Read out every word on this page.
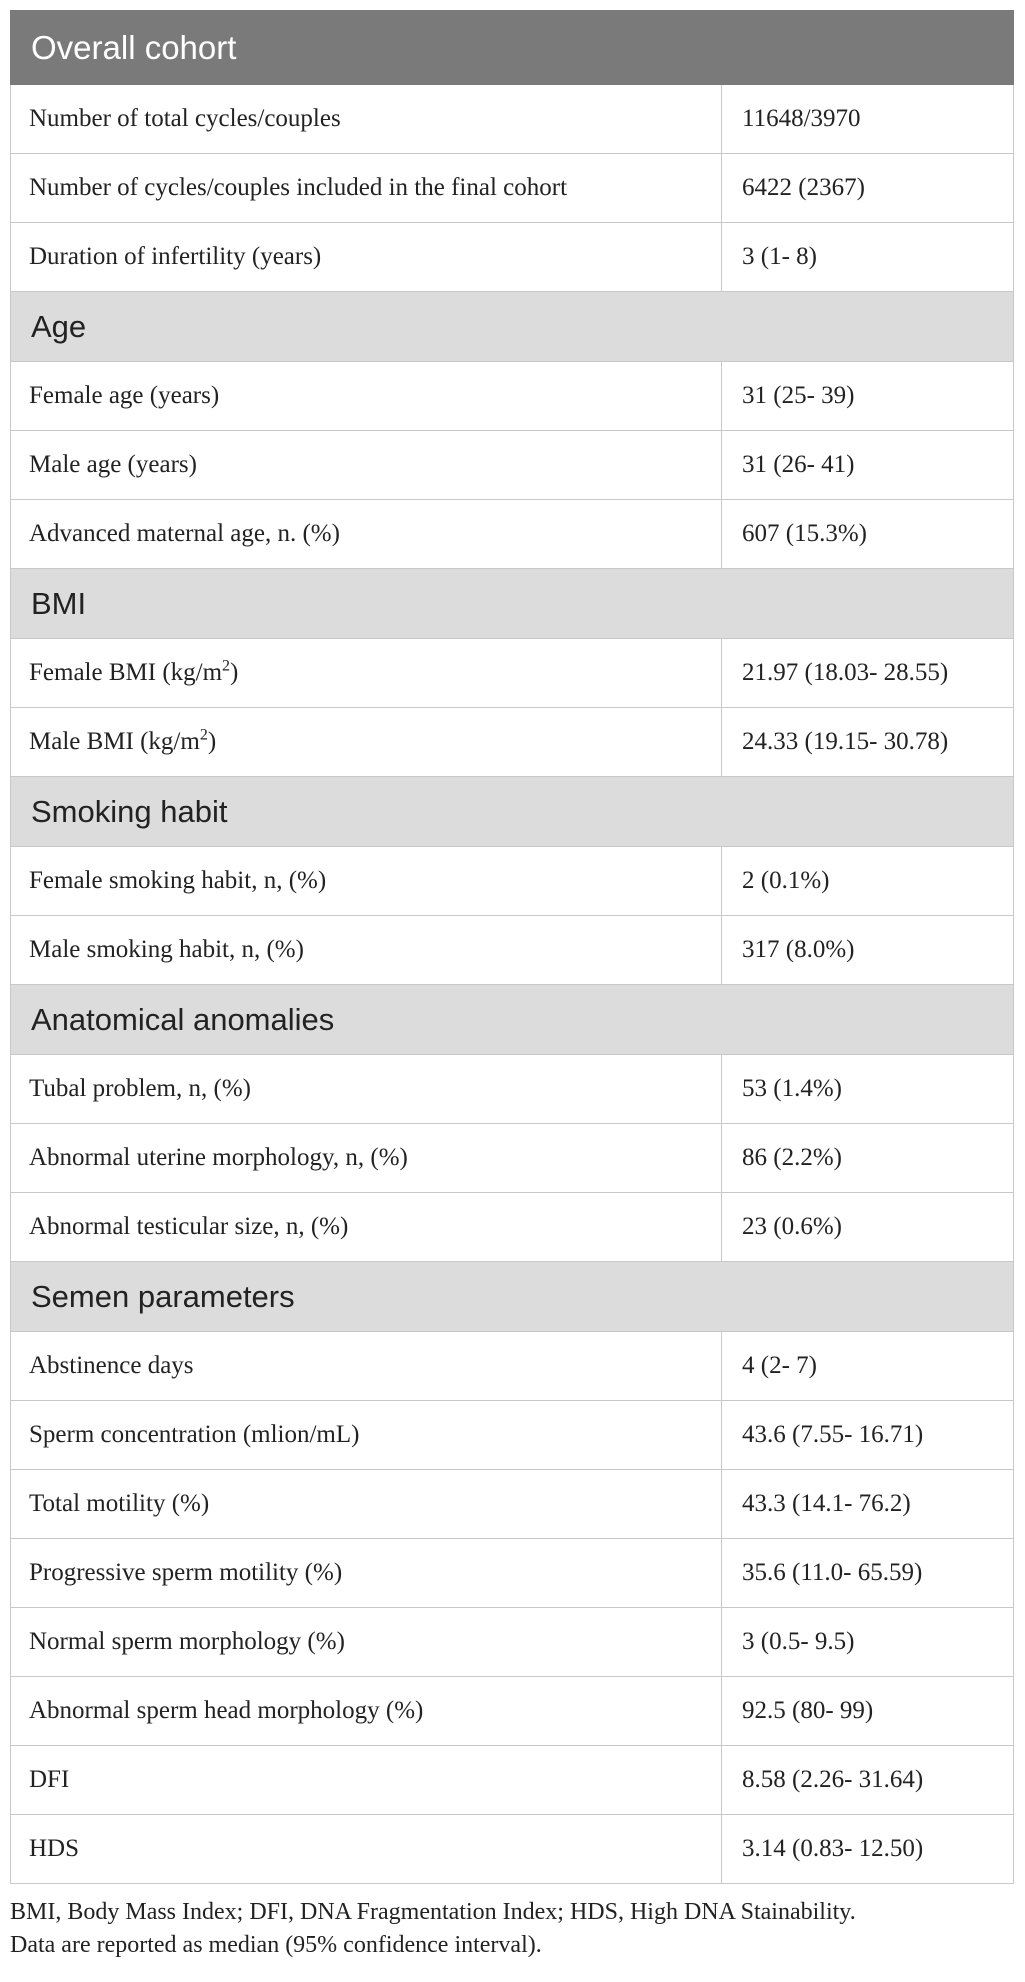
Overall cohort	
Number of total cycles/couples	11648/3970
Number of cycles/couples included in the final cohort	6422 (2367)
Duration of infertility (years)	3 (1- 8)
Age	
Female age (years)	31 (25- 39)
Male age (years)	31 (26- 41)
Advanced maternal age, n. (%)	607 (15.3%)
BMI	
Female BMI $(kg/m^2)$	21.97 (18.03- 28.55)
Male BMI $(kg/m^2)$	24.33 (19.15- 30.78)
Smoking habit	
Female smoking habit, n, (%)	2 (0.1%)
Male smoking habit, n, (%)	317 (8.0%)
Anatomical anomalies	
Tubal problem, n, (%)	53 (1.4%)
Abnormal uterine morphology, n, (%)	86 (2.2%)
Abnormal testicular size, n, (%)	23 (0.6%)
Semen parameters	
Abstinence days	4 (2- 7)
Sperm concentration (mlion/mL)	43.6 (7.55- 16.71)
Total motility (%)	43.3 (14.1- 76.2)
Progressive sperm motility (%)	35.6 (11.0- 65.59)
Normal sperm morphology (%)	3 (0.5- 9.5)
Abnormal sperm head morphology (%)	92.5 (80- 99)
DFI	8.58 (2.26- 31.64)
HDS	3.14 (0.83- 12.50)

BMI, Body Mass Index; DFI, DNA Fragmentation Index; HDS, High DNA Stainability.

Data are reported as median (95% confidence interval).
